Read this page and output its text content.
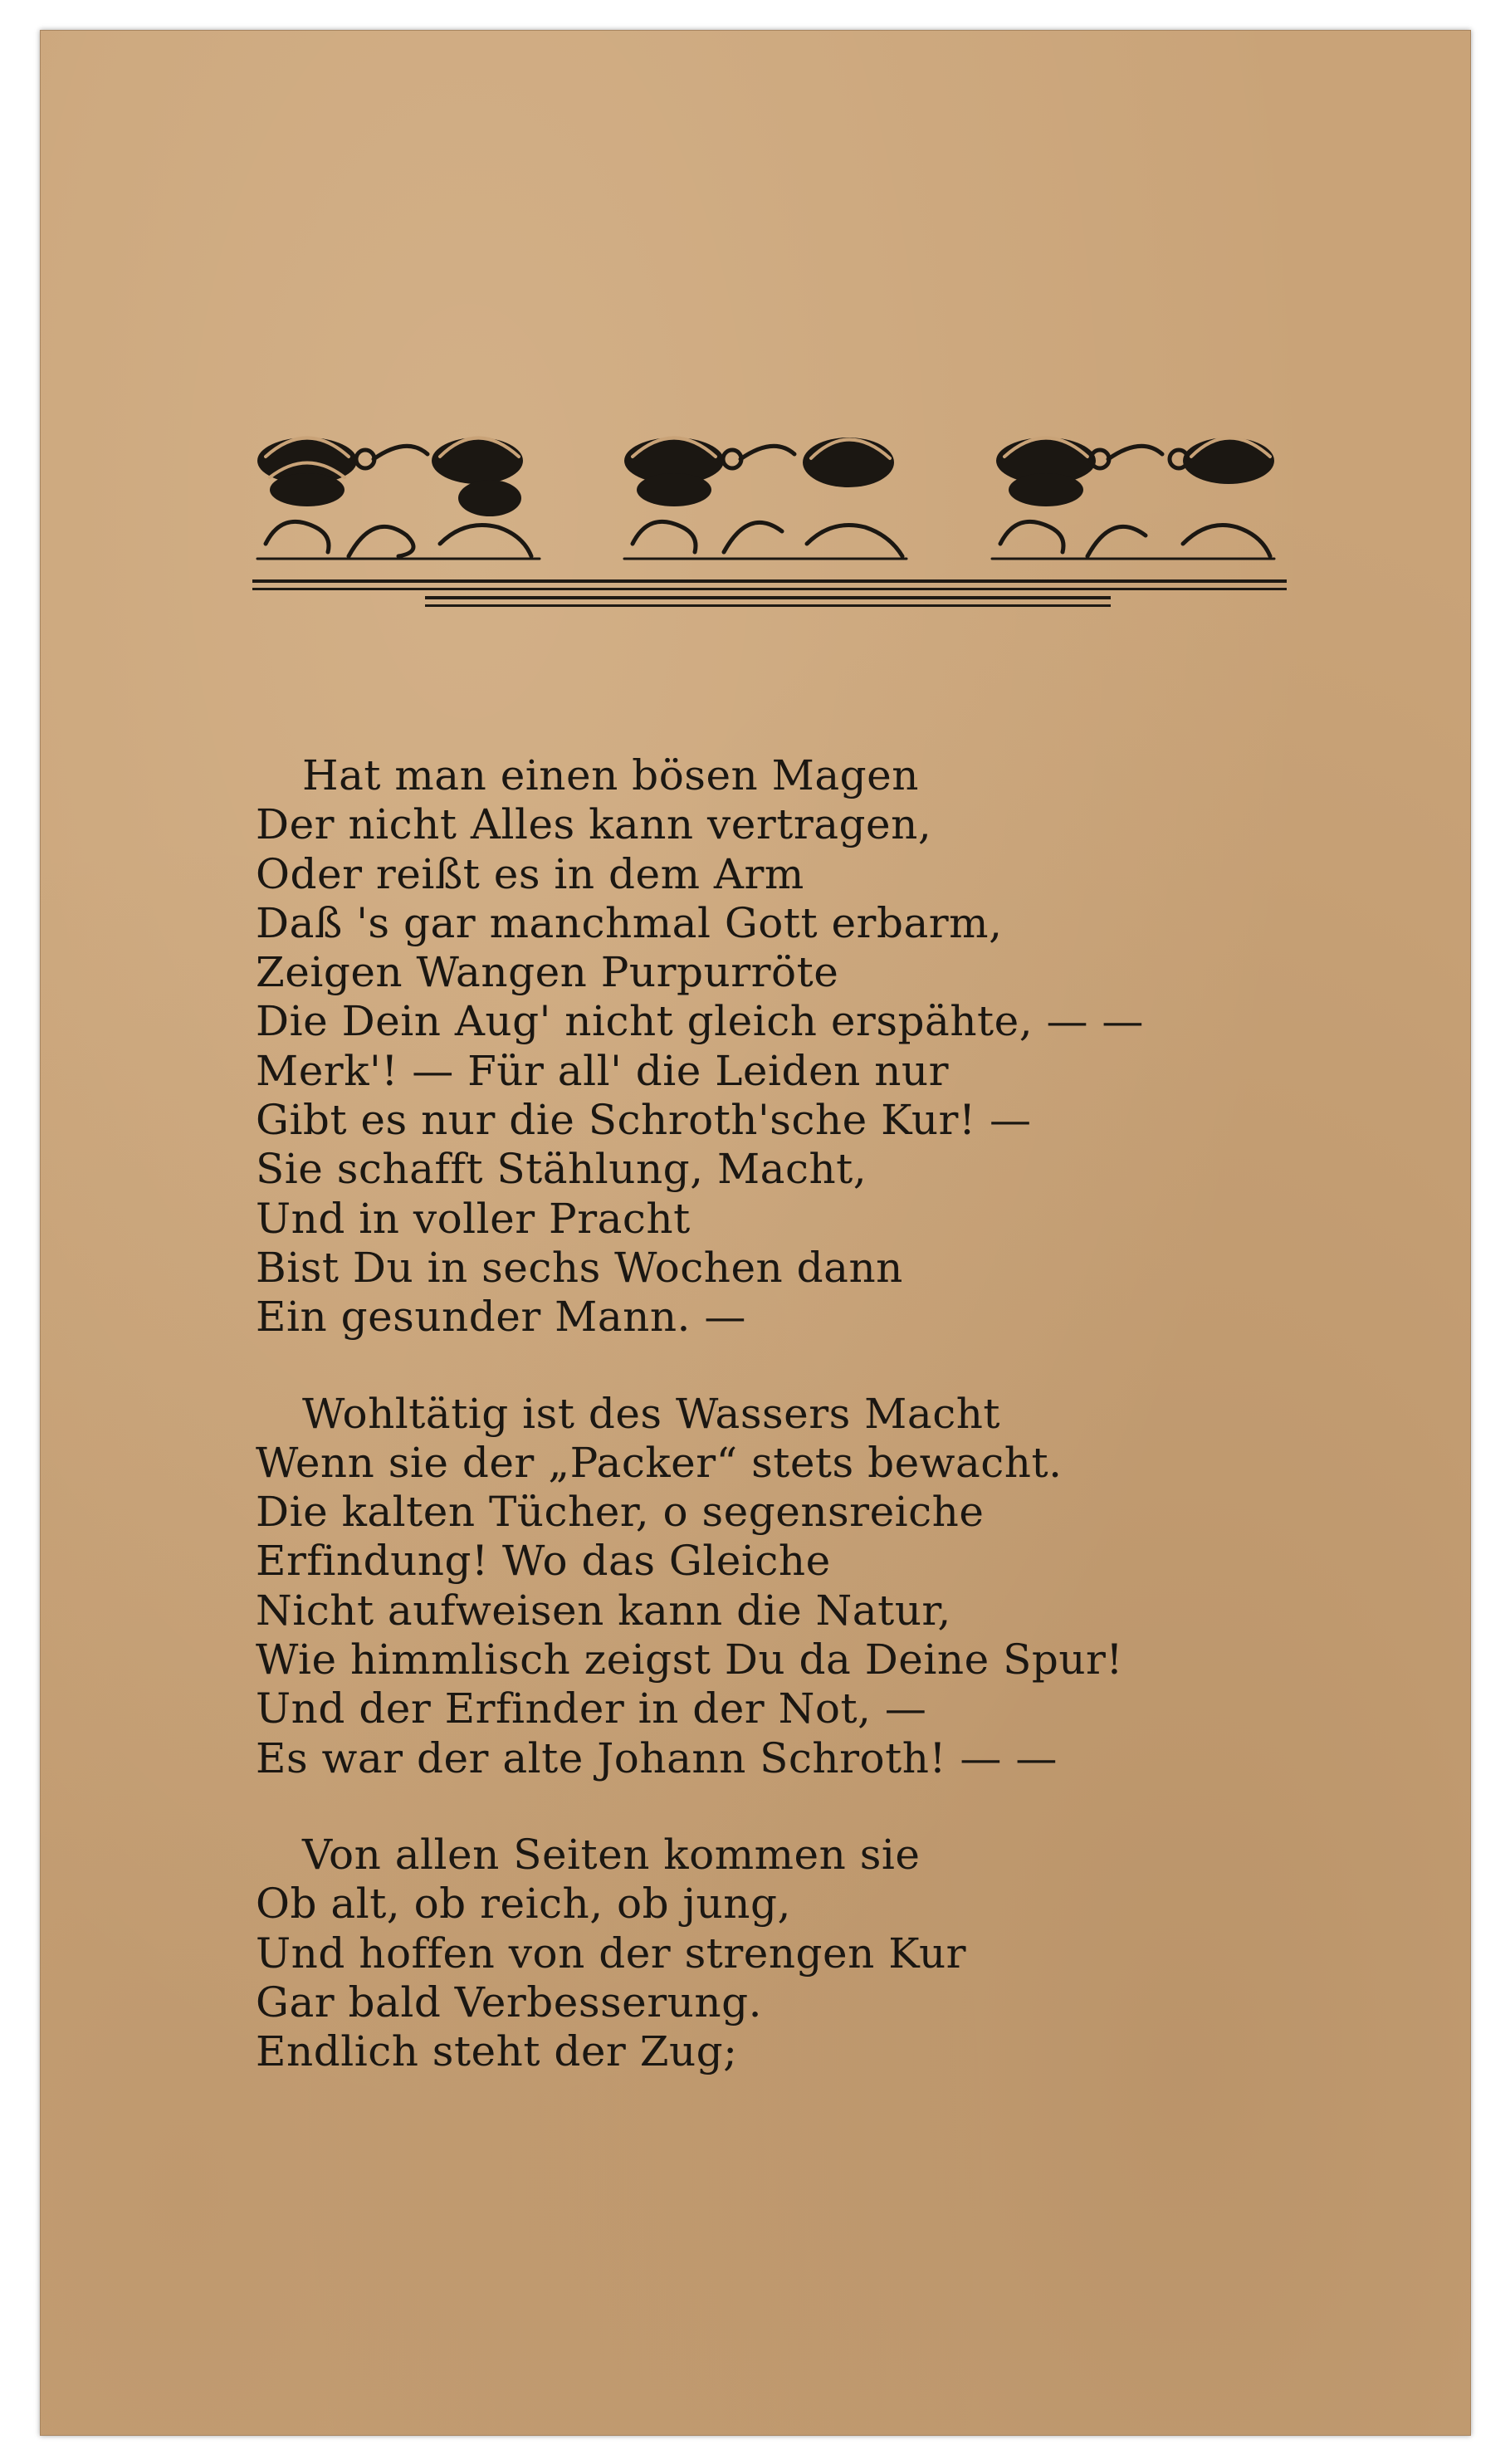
Hat man einen bösen Magen
Der nicht Alles kann vertragen,
Oder reißt es in dem Arm
Daß 's gar manchmal Gott erbarm,
Zeigen Wangen Purpurröte
Die Dein Aug' nicht gleich erspähte, — —
Merk'! — Für all' die Leiden nur
Gibt es nur die Schroth'sche Kur! —
Sie schafft Stählung, Macht,
Und in voller Pracht
Bist Du in sechs Wochen dann
Ein gesunder Mann. —
Wohltätig ist des Wassers Macht
Wenn sie der „Packer“ stets bewacht.
Die kalten Tücher, o segensreiche
Erfindung! Wo das Gleiche
Nicht aufweisen kann die Natur,
Wie himmlisch zeigst Du da Deine Spur!
Und der Erfinder in der Not, —
Es war der alte Johann Schroth! — —
Von allen Seiten kommen sie
Ob alt, ob reich, ob jung,
Und hoffen von der strengen Kur
Gar bald Verbesserung.
Endlich steht der Zug;
